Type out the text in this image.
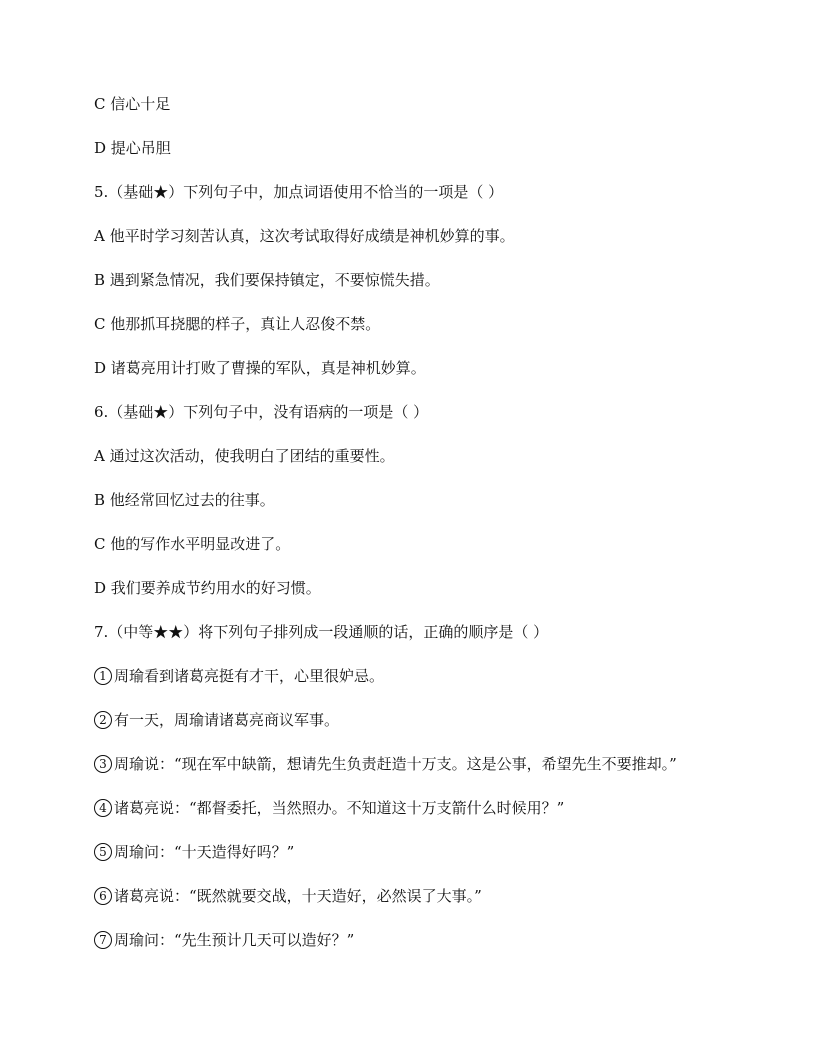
C 信心十足

D 提心吊胆

5.（基础★）下列句子中，加点词语使用不恰当的一项是（ ）

A 他平时学习刻苦认真，这次考试取得好成绩是神机妙算的事。

B 遇到紧急情况，我们要保持镇定，不要惊慌失措。

C 他那抓耳挠腮的样子，真让人忍俊不禁。

D 诸葛亮用计打败了曹操的军队，真是神机妙算。

6.（基础★）下列句子中，没有语病的一项是（ ）

A 通过这次活动，使我明白了团结的重要性。

B 他经常回忆过去的往事。

C 他的写作水平明显改进了。

D 我们要养成节约用水的好习惯。

7.（中等★★）将下列句子排列成一段通顺的话，正确的顺序是（ ）

1 周瑜看到诸葛亮挺有才干，心里很妒忌。

2 有一天，周瑜请诸葛亮商议军事。

3 周瑜说：“现在军中缺箭，想请先生负责赶造十万支。这是公事，希望先生不要推却。”

4 诸葛亮说：“都督委托，当然照办。不知道这十万支箭什么时候用？”

5 周瑜问：“十天造得好吗？”

6 诸葛亮说：“既然就要交战，十天造好，必然误了大事。”

7 周瑜问：“先生预计几天可以造好？”
